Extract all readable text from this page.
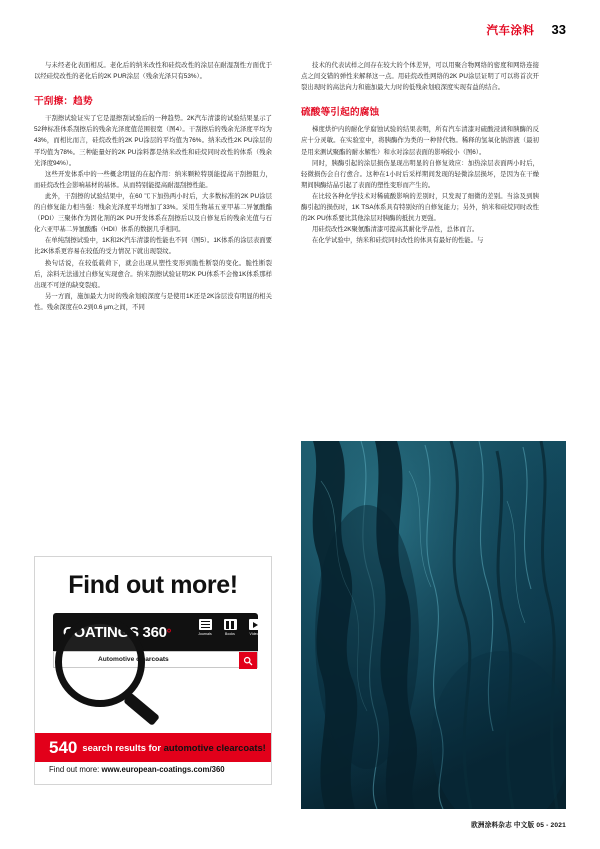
汽车涂料 33

与未经老化表面相反。老化后的纳米改性和硅烷改性的涂层在耐湿刮性方面优于以经硅烷改性的老化后的2K PUR涂层（残余光泽只有53%）。

干刮擦：趋势

干刮擦试验证实了它是湿擦刮试验后的一种趋势。2K汽车清漆的试验结果显示了52种标准体系刮擦后的残余光泽度值范围很宽（图4）。干刮擦后的残余光泽度平均为43%，而相比而言，硅烷改性的2K PU涂层的平均值为76%。纳米改性2K PU涂层的平均值为78%。三种能量好的2K PU涂料都是纳米改性和硅烷同时改性的体系（残余光泽度94%）。

这些开发体系中的一些概念明显的在起作用：纳米颗粒特别能提高干刮擦阻力，而硅烷改性会影响基材的基体。从而特别能提高耐湿刮擦性能。

此外，干刮擦的试验结果中，在60 ℃下加热两小时后，大多数标准的2K PU涂层的自修复能力相当强：残余光泽度平均增加了33%。采用生物基五亚甲基二异氰酸酯（PDI）三聚体作为固化剂的2K PU开发体系在刮擦后以及自修复后的残余光值与石化六亚甲基二异氰酸酯（HDI）体系的数据几乎相同。

在单纯刮擦试验中，1K和2K汽车清漆的性能也不同（图5）。1K体系的涂层表面要比2K体系更容易在较低的受力情况下就出现裂纹。

换句话说，在较低载荷下，就会出现从塑性变形到脆性断裂的变化。脆性断裂后，涂料无法通过自修复实现愈合。纳米刮擦试验证明2K PU体系不会像1K体系那样出现不可逆的缺变裂痕。

另一方面，施加最大力时的残余划痕深度与是使用1K还是2K涂层没有明显的相关性。残余深度在0.2到0.6 μm之间，不同

技术的代表试样之间存在较大的个体差异，可以用聚合物网络的密度和网络连接点之间交错的弹性来解释这一点。用硅烷改性网络的2K PU涂层证明了可以将首次开裂出现时的高法向力和施加最大力时的低残余划痕深度实现有益的结合。

硫酸等引起的腐蚀

梯度烘炉内的耐化学腐蚀试验的结果表明，所有汽车清漆对硫酸浸渍和胰酶的反应十分灵敏。在实验室中，将胰酶作为类的一种替代物。稀释的氢氧化钠溶液（最初是用来测试聚酯的耐水解性）和水对涂层表面的影响较小（图6）。

同时，胰酶引起的涂层损伤显现出明显的自修复效应：加热涂层表面两小时后，轻微损伤会自行愈合。这种在1小时后采样期间发现的轻微涂层损坏，是因为在干燥期间胰酶结晶引起了表面的塑性变形而产生的。

在比较各种化学技术对稀硫酸影响的差别时，只发现了细微的差别。当涂及到胰酶引起的损伤时，1K TSA体系具有特别好的自修复能力；另外，纳米和硅烷同时改性的2K PU体系要比其他涂层对胰酶的抵抗力更强。

用硅烷改性2K聚氨酯清漆可提高其耐化学品性，总体而言。

在化学试验中，纳米和硅烷同时改性的体具有最好的性能。与

Find out more!
COATINGS 360°	Journals	Books	Videos
Automotive clearcoats
540 search results for automotive clearcoats!
Find out more: www.european-coatings.com/360
欧洲涂料杂志 中文版 05 - 2021
